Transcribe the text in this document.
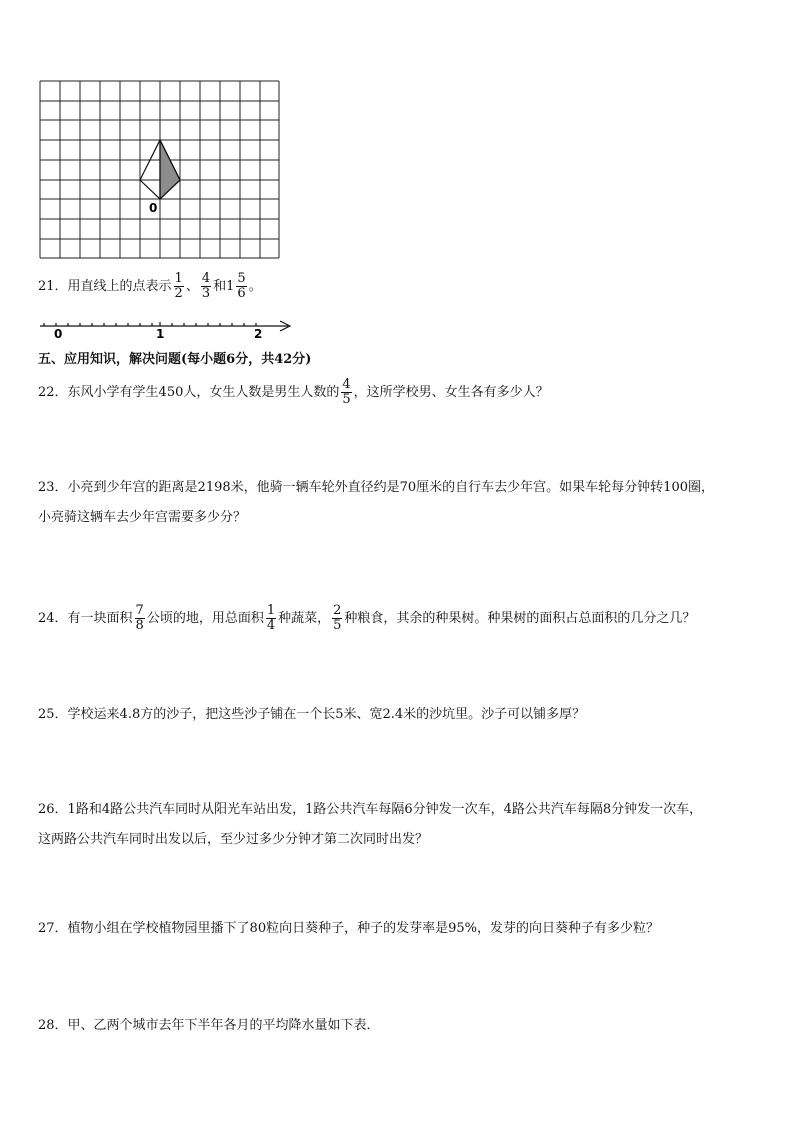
0
21．用直线上的点表示 $\frac{1}{2}$ 、 $\frac{4}{3}$ 和 $1 \frac{5}{6}$ 。
0	1	2
五、应用知识，解决问题(每小题6分，共42分)
22．东风小学有学生450人，女生人数是男生人数的 $\frac{4}{5}$ ，这所学校男、女生各有多少人？
23．小亮到少年宫的距离是2198米，他骑一辆车轮外直径约是70厘米的自行车去少年宫。如果车轮每分钟转100圈，
小亮骑这辆车去少年宫需要多少分？
24．有一块面积 $\frac{7}{8}$ 公顷的地，用总面积 $\frac{1}{4}$ 种蔬菜， $\frac{2}{5}$ 种粮食，其余的种果树。种果树的面积占总面积的几分之几？
25．学校运来4.8方的沙子，把这些沙子铺在一个长5米、宽2.4米的沙坑里。沙子可以铺多厚？
26．1路和4路公共汽车同时从阳光车站出发，1路公共汽车每隔6分钟发一次车，4路公共汽车每隔8分钟发一次车，
这两路公共汽车同时出发以后，至少过多少分钟才第二次同时出发？
27．植物小组在学校植物园里播下了80粒向日葵种子，种子的发芽率是95%，发芽的向日葵种子有多少粒？
28．甲、乙两个城市去年下半年各月的平均降水量如下表．
